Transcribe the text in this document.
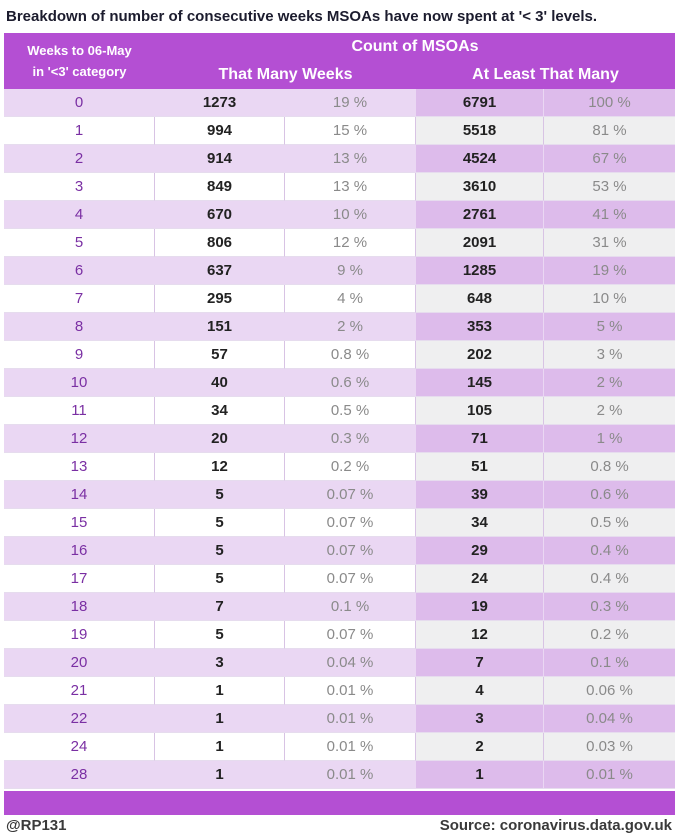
Breakdown of number of consecutive weeks MSOAs have now spent at '< 3' levels.
Weeks to 06-May
in '<3' category
Count of MSOAs
That Many Weeks	At Least That Many
0	1273	19 %	6791	100 %
1	994	15 %	5518	81 %
2	914	13 %	4524	67 %
3	849	13 %	3610	53 %
4	670	10 %	2761	41 %
5	806	12 %	2091	31 %
6	637	9 %	1285	19 %
7	295	4 %	648	10 %
8	151	2 %	353	5 %
9	57	0.8 %	202	3 %
10	40	0.6 %	145	2 %
11	34	0.5 %	105	2 %
12	20	0.3 %	71	1 %
13	12	0.2 %	51	0.8 %
14	5	0.07 %	39	0.6 %
15	5	0.07 %	34	0.5 %
16	5	0.07 %	29	0.4 %
17	5	0.07 %	24	0.4 %
18	7	0.1 %	19	0.3 %
19	5	0.07 %	12	0.2 %
20	3	0.04 %	7	0.1 %
21	1	0.01 %	4	0.06 %
22	1	0.01 %	3	0.04 %
24	1	0.01 %	2	0.03 %
28	1	0.01 %	1	0.01 %
@RP131	Source: coronavirus.data.gov.uk
